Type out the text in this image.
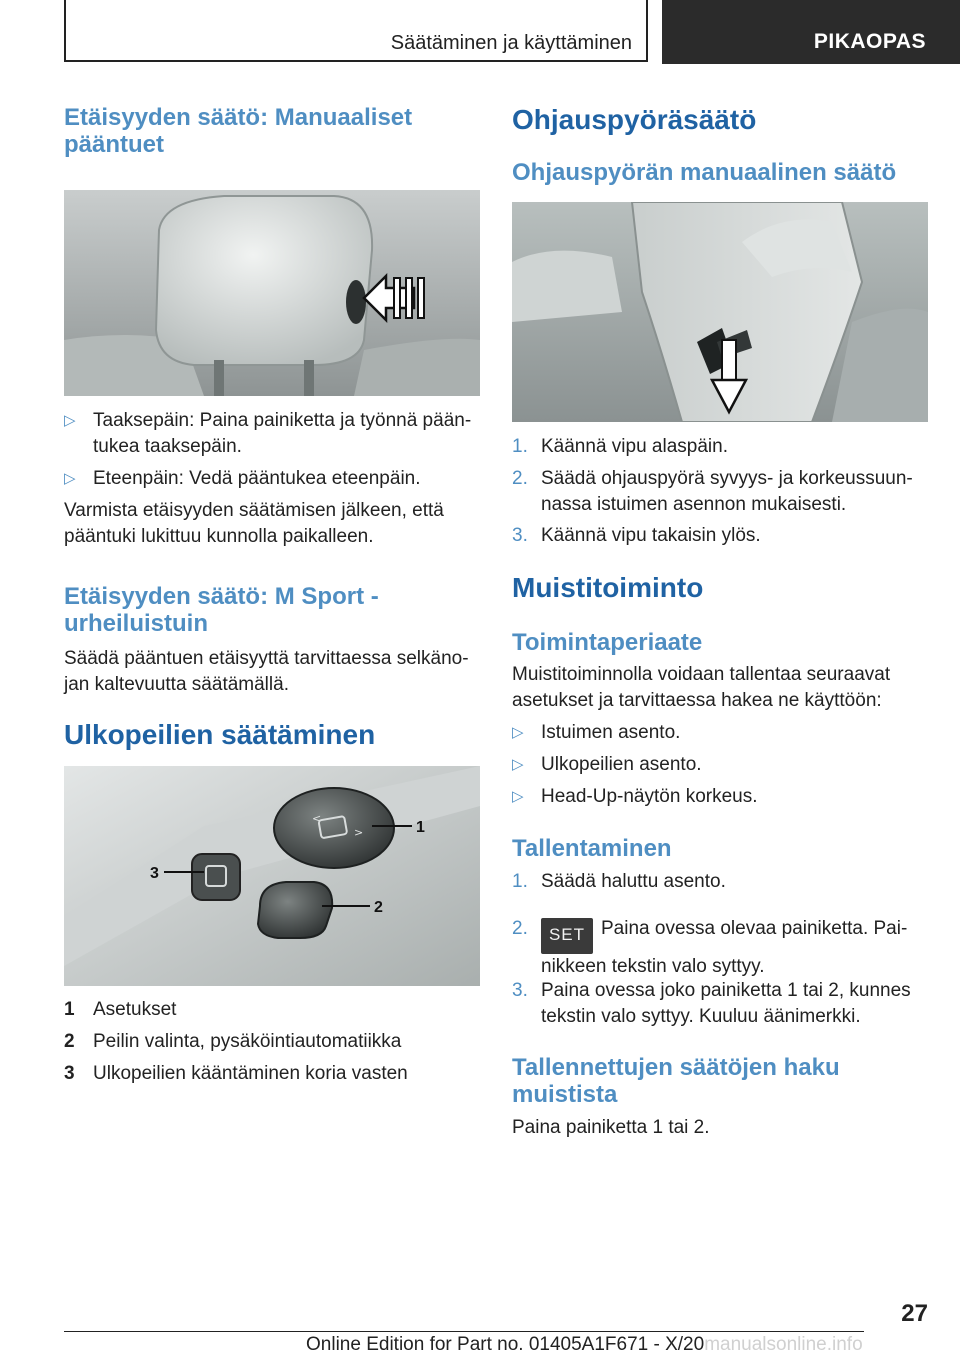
Säätäminen ja käyttäminen	PIKAOPAS
Etäisyyden säätö: Manuaaliset pääntuet
▷ Taaksepäin: Paina painiketta ja työnnä pääntukea taaksepäin.
▷ Eteenpäin: Vedä pääntukea eteenpäin.

Varmista etäisyyden säätämisen jälkeen, että pääntuki lukittuu kunnolla paikalleen.

Etäisyyden säätö: M Sport -urheiluistuin

Säädä pääntuen etäisyyttä tarvittaessa selkänojan kaltevuutta säätämällä.

Ulkopeilien säätäminen
<
>	1
2
3
1 Asetukset
2 Peilin valinta, pysäköintiautomatiikka
3 Ulkopeilien kääntäminen koria vasten
Ohjauspyöräsäätö
Ohjauspyörän manuaalinen säätö
1. Käännä vipu alaspäin.
2. Säädä ohjauspyörä syvyys- ja korkeussuunnassa istuimen asennon mukaisesti.
3. Käännä vipu takaisin ylös.
Muistitoiminto
Toimintaperiaate

Muistitoiminnolla voidaan tallentaa seuraavat asetukset ja tarvittaessa hakea ne käyttöön:

▷ Istuimen asento.
▷ Ulkopeilien asento.
▷ Head-Up-näytön korkeus.
Tallentaminen
1. Säädä haluttu asento.
2.	SET Paina ovessa olevaa painiketta. Painikkeen tekstin valo syttyy.
3. Paina ovessa joko painiketta 1 tai 2, kunnes tekstin valo syttyy. Kuuluu äänimerkki.
Tallennettujen säätöjen haku muistista

Paina painiketta 1 tai 2.

27
Online Edition for Part no. 01405A1F671 - X/20manualsonline.info
